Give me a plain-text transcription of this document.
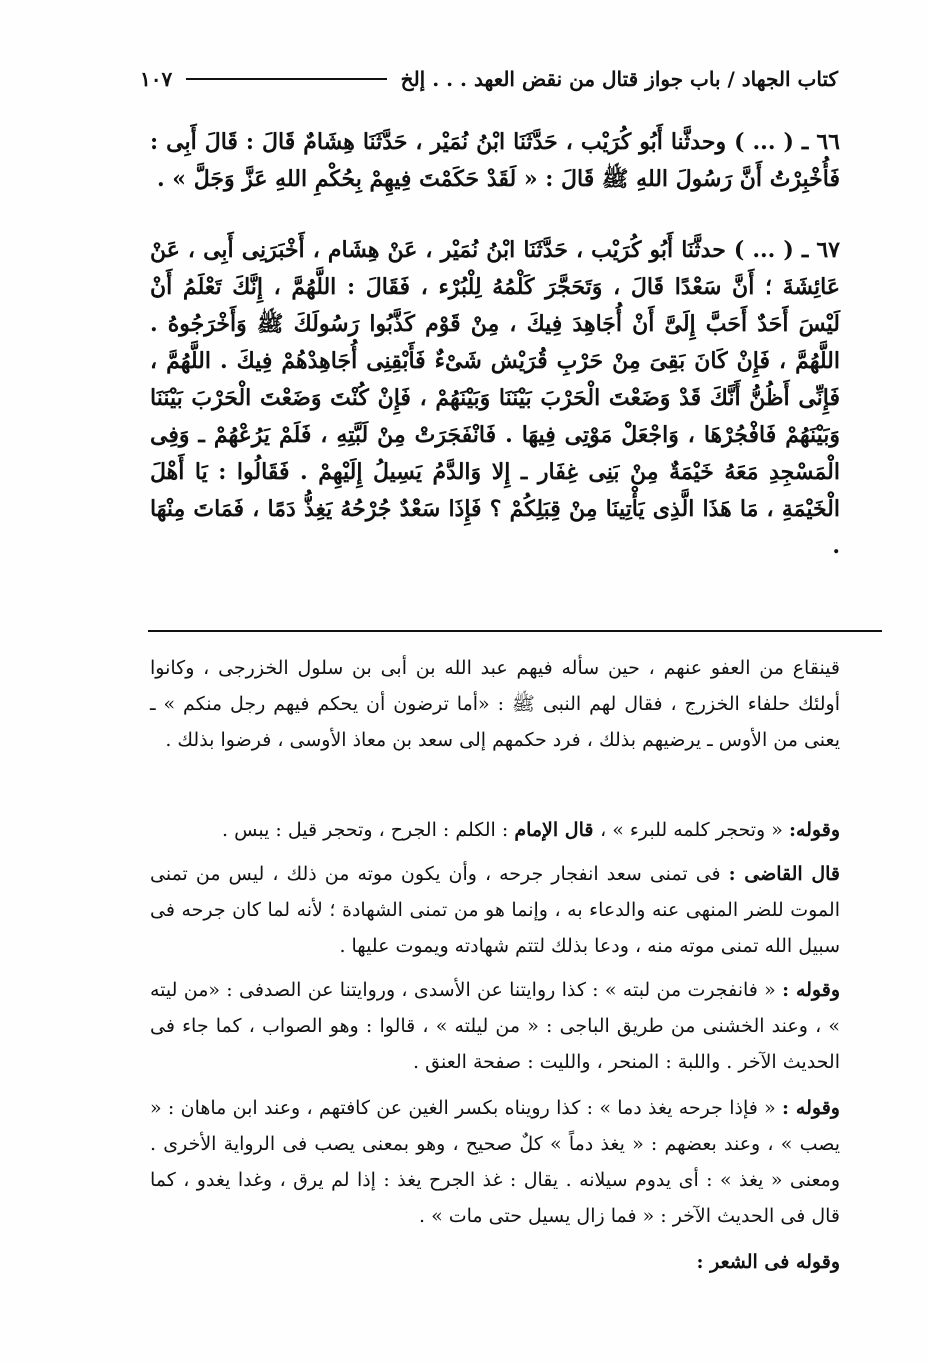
كتاب الجهاد / باب جواز قتال من نقض العهد . . . إلخ
١٠٧
٦٦ ـ ( ... ) وحدثَّنا أَبُو كُرَيْب ، حَدَّثَنَا ابْنُ نُمَيْر ، حَدَّثَنَا هِشَامٌ قَالَ : قَالَ أَبِى : فَأُخْبِرْتُ أَنَّ رَسُولَ اللهِ ﷺ قَالَ : « لَقَدْ حَكَمْتَ فِيهِمْ بِحُكْمِ اللهِ عَزَّ وَجَلَّ » .
٦٧ ـ ( ... ) حدثَّنَا أَبُو كُرَيْب ، حَدَّثَنَا ابْنُ نُمَيْر ، عَنْ هِشَام ، أَخْبَرَنِى أَبِى ، عَنْ عَائِشَةَ ؛ أَنَّ سَعْدًا قَالَ ، وَتَحَجَّرَ كَلْمُهُ لِلْبُرْء ، فَقَالَ : اللَّهُمَّ ، إِنَّكَ تَعْلَمُ أَنْ لَيْسَ أَحَدٌ أَحَبَّ إِلَىَّ أَنْ أُجَاهِدَ فِيكَ ، مِنْ قَوْم كَذَّبُوا رَسُولَكَ ﷺ وَأَخْرَجُوهُ . اللَّهُمَّ ، فَإِنْ كَانَ بَقِىَ مِنْ حَرْبِ قُرَيْش شَىْءٌ فَأَبْقِنِى أُجَاهِدْهُمْ فِيكَ . اللَّهُمَّ ، فَإِنِّى أَظُنُّ أَنَّكَ قَدْ وَضَعْتَ الْحَرْبَ بَيْنَنَا وَبَيْنَهُمْ ، فَإِنْ كُنْتَ وَضَعْتَ الْحَرْبَ بَيْنَنَا وَبَيْنَهُمْ فَافْجُرْهَا ، وَاجْعَلْ مَوْتِى فِيهَا . فَانْفَجَرَتْ مِنْ لَبَّتِهِ ، فَلَمْ يَرُعْهُمْ ـ وَفِى الْمَسْجِدِ مَعَهُ خَيْمَةٌ مِنْ بَنِى غِفَار ـ إِلا وَالدَّمُ يَسِيلُ إِلَيْهِمْ . فَقَالُوا : يَا أَهْلَ الْخَيْمَةِ ، مَا هَذَا الَّذِى يَأْتِينَا مِنْ قِبَلِكُمْ ؟ فَإِذَا سَعْدٌ جُرْحُهُ يَغِذُّ دَمًا ، فَمَاتَ مِنْهَا .

قينقاع من العفو عنهم ، حين سأله فيهم عبد الله بن أبى بن سلول الخزرجى ، وكانوا أولئك حلفاء الخزرج ، فقال لهم النبى ﷺ : «أما ترضون أن يحكم فيهم رجل منكم » ـ يعنى من الأوس ـ يرضيهم بذلك ، فرد حكمهم إلى سعد بن معاذ الأوسى ، فرضوا بذلك .

وقوله: « وتحجر كلمه للبرء » ، قال الإمام : الكلم : الجرح ، وتحجر قيل : يبس .

قال القاضى : فى تمنى سعد انفجار جرحه ، وأن يكون موته من ذلك ، ليس من تمنى الموت للضر المنهى عنه والدعاء به ، وإنما هو من تمنى الشهادة ؛ لأنه لما كان جرحه فى سبيل الله تمنى موته منه ، ودعا بذلك لتتم شهادته ويموت عليها .

وقوله : « فانفجرت من لبته » : كذا روايتنا عن الأسدى ، وروايتنا عن الصدفى : «من ليته » ، وعند الخشنى من طريق الباجى : « من ليلته » ، قالوا : وهو الصواب ، كما جاء فى الحديث الآخر . واللبة : المنحر ، والليت : صفحة العنق .

وقوله : « فإذا جرحه يغذ دما » : كذا رويناه بكسر الغين عن كافتهم ، وعند ابن ماهان : « يصب » ، وعند بعضهم : « يغذ دماً » كلٌ صحيح ، وهو بمعنى يصب فى الرواية الأخرى . ومعنى « يغذ » : أى يدوم سيلانه . يقال : غذ الجرح يغذ : إذا لم يرق ، وغدا يغدو ، كما قال فى الحديث الآخر : « فما زال يسيل حتى مات » .

وقوله فى الشعر :
